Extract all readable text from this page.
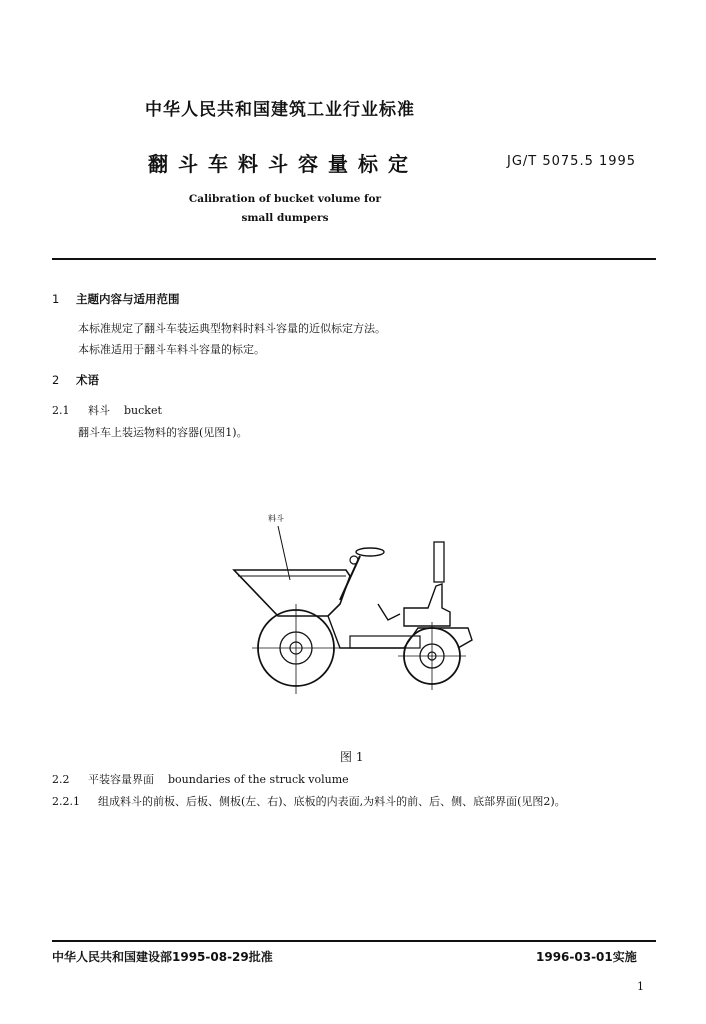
中华人民共和国建筑工业行业标准
翻斗车料斗容量标定	JG/T 5075.5 1995
Calibration of bucket volume for
small dumpers
1 主题内容与适用范围
本标准规定了翻斗车装运典型物料时料斗容量的近似标定方法。
本标准适用于翻斗车料斗容量的标定。
2 术语
2.1 料斗 bucket
翻斗车上装运物料的容器(见图1)。
料斗
图 1
2.2 平装容量界面 boundaries of the struck volume
2.2.1 组成料斗的前板、后板、侧板(左、右)、底板的内表面,为料斗的前、后、侧、底部界面(见图2)。
中华人民共和国建设部1995-08-29批准	1996-03-01实施
1
